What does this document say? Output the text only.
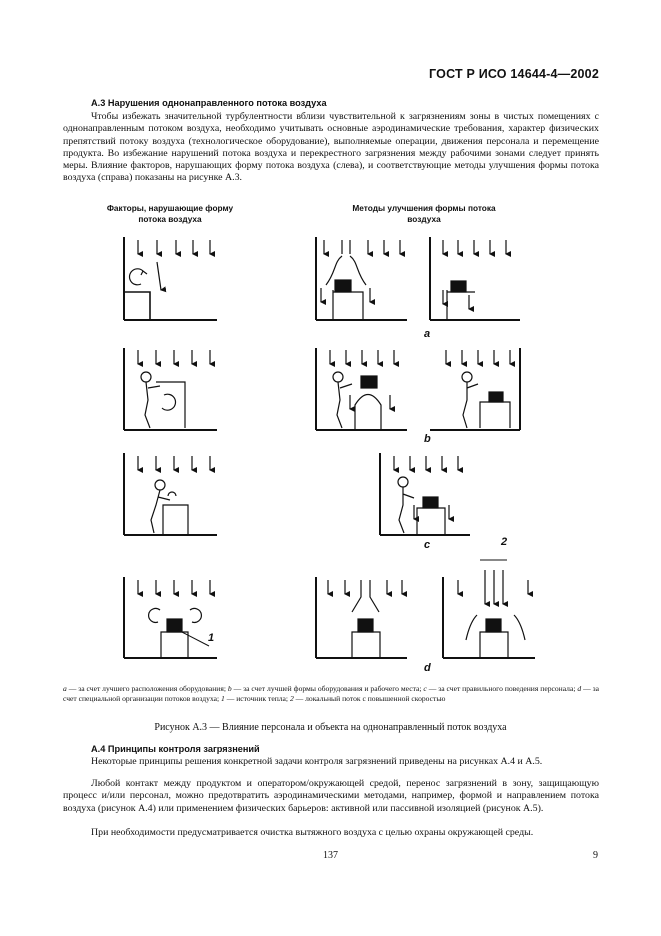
ГОСТ Р ИСО 14644-4—2002
А.3 Нарушения однонаправленного потока воздуха

Чтобы избежать значительной турбулентности вблизи чувствительной к загрязнениям зоны в чистых помещениях с однонаправленным потоком воздуха, необходимо учитывать основные аэродинамические требования, характер физических препятствий потоку воздуха (технологическое оборудование), выполняемые операции, движения персонала и перемещение продукта. Во избежание нарушений потока воздуха и перекрестного загрязнения между рабочими зонами следует принять меры. Влияние факторов, нарушающих форму потока воздуха (слева), и соответствующие методы улучшения формы потока воздуха (справа) показаны на рисунке А.3.

Факторы, нарушающие форму потока воздуха
Методы улучшения формы потока воздуха
1
2
a
b
c
d
a — за счет лучшего расположения оборудования; b — за счет лучшей формы оборудования и рабочего места; c — за счет правильного поведения персонала; d — за счет специальной организации потоков воздуха; 1 — источник тепла; 2 — локальный поток с повышенной скоростью
Рисунок А.3 — Влияние персонала и объекта на однонаправленный поток воздуха
А.4 Принципы контроля загрязнений

Некоторые принципы решения конкретной задачи контроля загрязнений приведены на рисунках А.4 и А.5.

Любой контакт между продуктом и оператором/окружающей средой, перенос загрязнений в зону, защищающую процесс и/или персонал, можно предотвратить аэродинамическими методами, например, формой и направлением потока воздуха (рисунок А.4) или применением физических барьеров: активной или пассивной изоляцией (рисунок А.5).

При необходимости предусматривается очистка вытяжного воздуха с целью охраны окружающей среды.

137	9
